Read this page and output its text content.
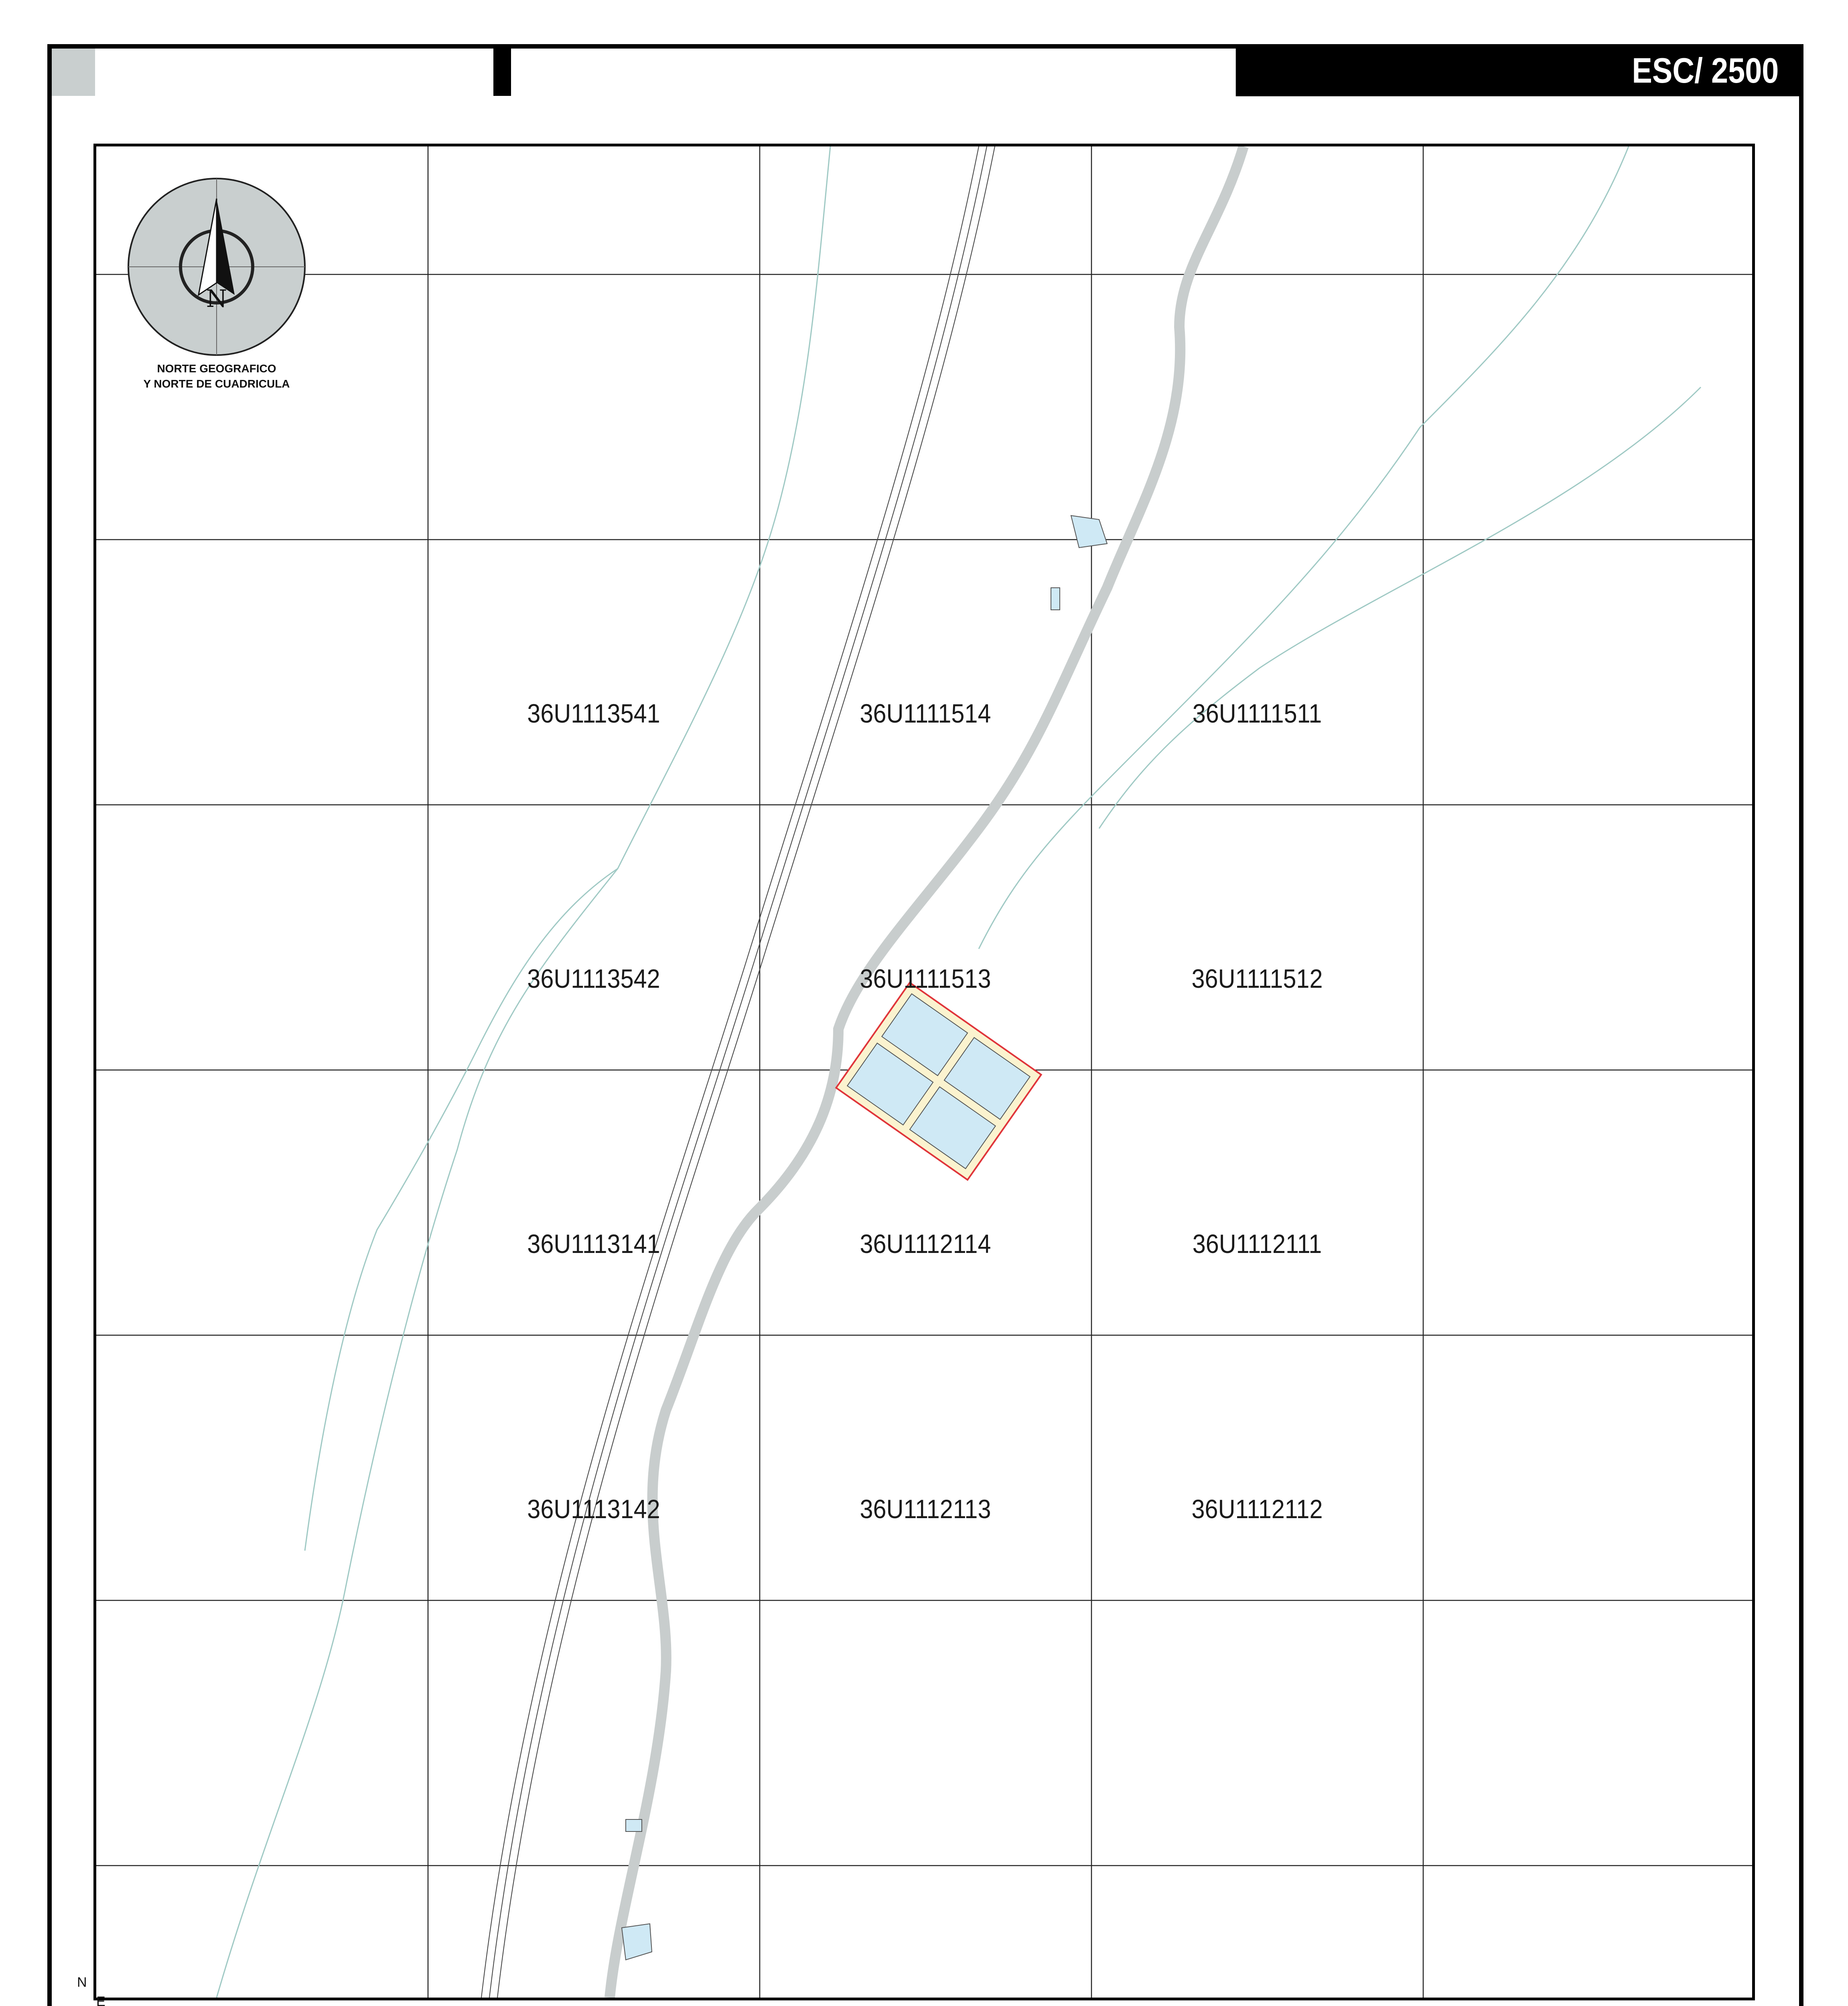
ESC/ 2500
N
NORTE GEOGRAFICO
Y NORTE DE CUADRICULA
36U1113541	36U1111514	36U1111511
36U1113542	36U1111513	36U1111512
36U1113141	36U1112114	36U1112111
36U1113142	36U1112113	36U1112112
N
E
